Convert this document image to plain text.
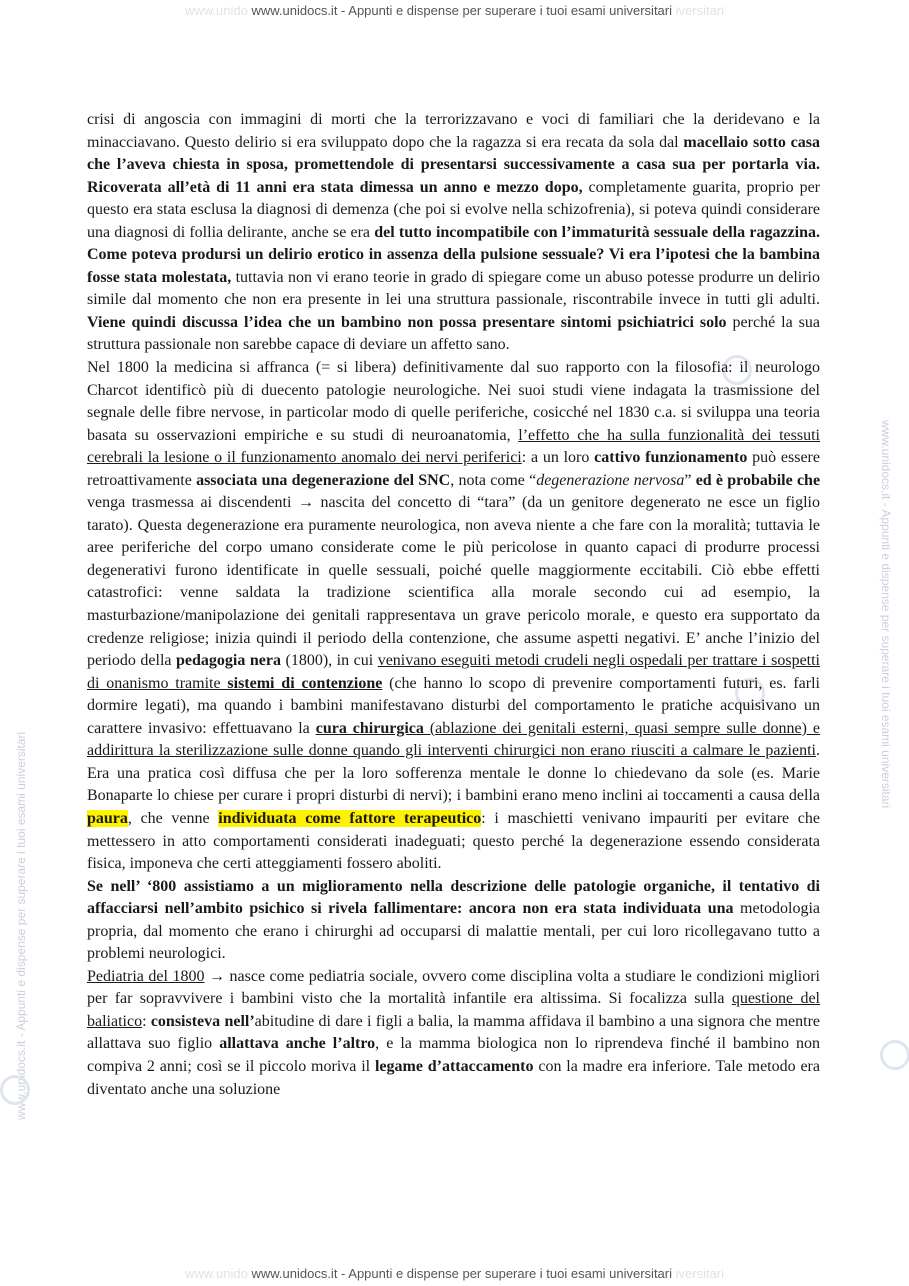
www.unido www.unidocs.it - Appunti e dispense per superare i tuoi esami universitari iversitari
www.unidocs.it - Appunti e dispense per superare i tuoi esami universitari
www.unidocs.it - Appunti e dispense per superare i tuoi esami universitari

crisi di angoscia con immagini di morti che la terrorizzavano e voci di familiari che la deridevano e la minacciavano. Questo delirio si era sviluppato dopo che la ragazza si era recata da sola dal macellaio sotto casa che l’aveva chiesta in sposa, promettendole di presentarsi successivamente a casa sua per portarla via. Ricoverata all’età di 11 anni era stata dimessa un anno e mezzo dopo, completamente guarita, proprio per questo era stata esclusa la diagnosi di demenza (che poi si evolve nella schizofrenia), si poteva quindi considerare una diagnosi di follia delirante, anche se era del tutto incompatibile con l’immaturità sessuale della ragazzina. Come poteva prodursi un delirio erotico in assenza della pulsione sessuale? Vi era l’ipotesi che la bambina fosse stata molestata, tuttavia non vi erano teorie in grado di spiegare come un abuso potesse produrre un delirio simile dal momento che non era presente in lei una struttura passionale, riscontrabile invece in tutti gli adulti. Viene quindi discussa l’idea che un bambino non possa presentare sintomi psichiatrici solo perché la sua struttura passionale non sarebbe capace di deviare un affetto sano.

Nel 1800 la medicina si affranca (= si libera) definitivamente dal suo rapporto con la filosofia: il neurologo Charcot identificò più di duecento patologie neurologiche. Nei suoi studi viene indagata la trasmissione del segnale delle fibre nervose, in particolar modo di quelle periferiche, cosicché nel 1830 c.a. si sviluppa una teoria basata su osservazioni empiriche e su studi di neuroanatomia, l’effetto che ha sulla funzionalità dei tessuti cerebrali la lesione o il funzionamento anomalo dei nervi periferici: a un loro cattivo funzionamento può essere retroattivamente associata una degenerazione del SNC, nota come “degenerazione nervosa” ed è probabile che venga trasmessa ai discendenti → nascita del concetto di “tara” (da un genitore degenerato ne esce un figlio tarato). Questa degenerazione era puramente neurologica, non aveva niente a che fare con la moralità; tuttavia le aree periferiche del corpo umano considerate come le più pericolose in quanto capaci di produrre processi degenerativi furono identificate in quelle sessuali, poiché quelle maggiormente eccitabili. Ciò ebbe effetti catastrofici: venne saldata la tradizione scientifica alla morale secondo cui ad esempio, la masturbazione/manipolazione dei genitali rappresentava un grave pericolo morale, e questo era supportato da credenze religiose; inizia quindi il periodo della contenzione, che assume aspetti negativi. E’ anche l’inizio del periodo della pedagogia nera (1800), in cui venivano eseguiti metodi crudeli negli ospedali per trattare i sospetti di onanismo tramite sistemi di contenzione (che hanno lo scopo di prevenire comportamenti futuri, es. farli dormire legati), ma quando i bambini manifestavano disturbi del comportamento le pratiche acquisivano un carattere invasivo: effettuavano la cura chirurgica (ablazione dei genitali esterni, quasi sempre sulle donne) e addirittura la sterilizzazione sulle donne quando gli interventi chirurgici non erano riusciti a calmare le pazienti. Era una pratica così diffusa che per la loro sofferenza mentale le donne lo chiedevano da sole (es. Marie Bonaparte lo chiese per curare i propri disturbi di nervi); i bambini erano meno inclini ai toccamenti a causa della paura, che venne individuata come fattore terapeutico: i maschietti venivano impauriti per evitare che mettessero in atto comportamenti considerati inadeguati; questo perché la degenerazione essendo considerata fisica, imponeva che certi atteggiamenti fossero aboliti.

Se nell’ ‘800 assistiamo a un miglioramento nella descrizione delle patologie organiche, il tentativo di affacciarsi nell’ambito psichico si rivela fallimentare: ancora non era stata individuata una metodologia propria, dal momento che erano i chirurghi ad occuparsi di malattie mentali, per cui loro ricollegavano tutto a problemi neurologici.

Pediatria del 1800 → nasce come pediatria sociale, ovvero come disciplina volta a studiare le condizioni migliori per far sopravvivere i bambini visto che la mortalità infantile era altissima. Si focalizza sulla questione del baliatico: consisteva nell’abitudine di dare i figli a balia, la mamma affidava il bambino a una signora che mentre allattava suo figlio allattava anche l’altro, e la mamma biologica non lo riprendeva finché il bambino non compiva 2 anni; così se il piccolo moriva il legame d’attaccamento con la madre era inferiore. Tale metodo era diventato anche una soluzione

www.unido www.unidocs.it - Appunti e dispense per superare i tuoi esami universitari iversitari
